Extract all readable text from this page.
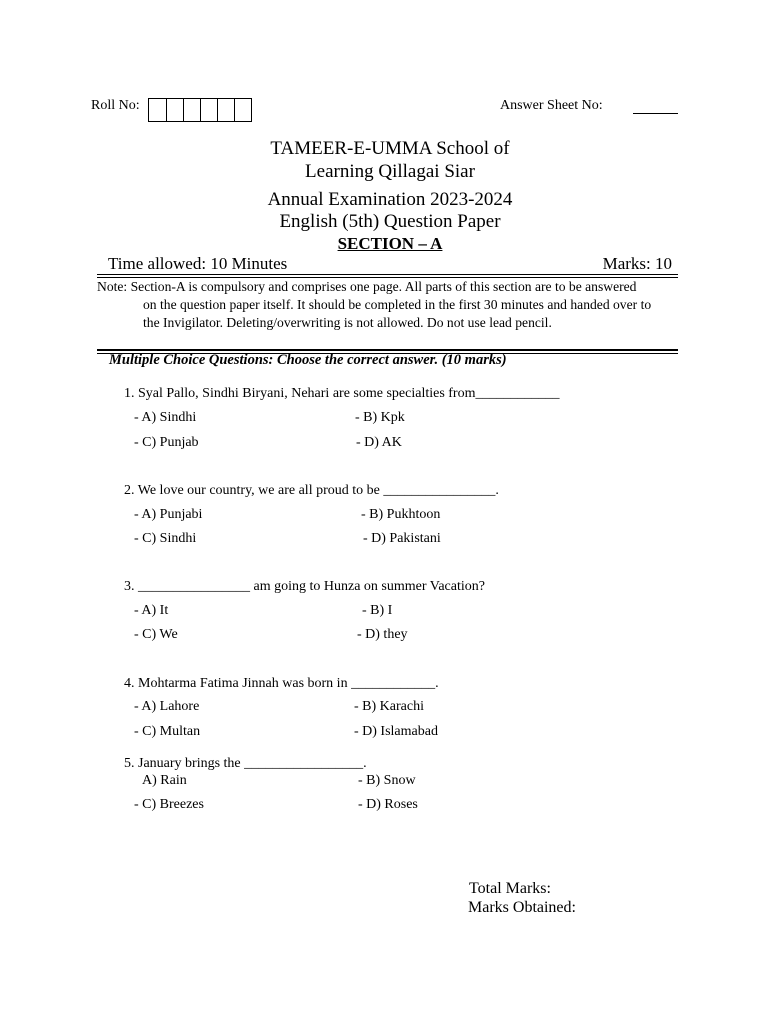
Roll No:	Answer Sheet No:
TAMEER-E-UMMA School of
Learning Qillagai Siar
Annual Examination 2023-2024
English (5th) Question Paper
SECTION – A
Time allowed: 10 Minutes	Marks: 10
Note: Section-A is compulsory and comprises one page. All parts of this section are to be answered
on the question paper itself. It should be completed in the first 30 minutes and handed over to
the Invigilator. Deleting/overwriting is not allowed. Do not use lead pencil.
Multiple Choice Questions: Choose the correct answer. (10 marks)
1. Syal Pallo, Sindhi Biryani, Nehari are some specialties from____________
- A) Sindhi	- B) Kpk
- C) Punjab	- D) AK
2. We love our country, we are all proud to be ________________.
- A) Punjabi	- B) Pukhtoon
- C) Sindhi	- D) Pakistani
3. ________________ am going to Hunza on summer Vacation?
- A) It	- B) I
- C) We	- D) they
4. Mohtarma Fatima Jinnah was born in ____________.
- A) Lahore	- B) Karachi
- C) Multan	- D) Islamabad
5. January brings the _________________.
A) Rain	- B) Snow
- C) Breezes	- D) Roses
Total Marks:
Marks Obtained:
